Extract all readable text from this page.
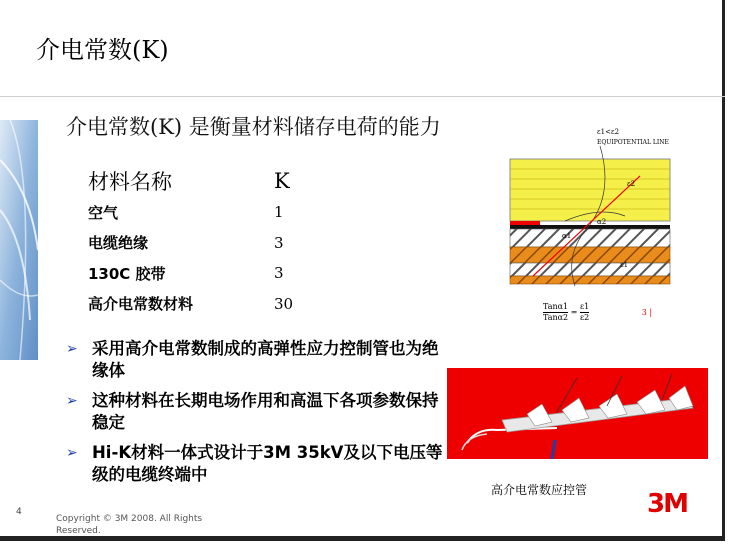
介电常数(K)
介电常数(K) 是衡量材料储存电荷的能力
材料名称	K
空气	1
电缆绝缘	3
130C 胶带	3
高介电常数材料	30
➢ 采用高介电常数制成的高弹性应力控制管也为绝缘体
➢ 这种材料在长期电场作用和高温下各项参数保持稳定
➢ Hi-K材料一体式设计于3M 35kV及以下电压等级的电缆终端中
ε1<ε2
EQUIPOTENTIAL LINE
ε2
α2
α1
ε1
$\frac{\text{Tanα1}}{\text{Tanα2}} = \frac{\varepsilon 1}{\varepsilon 2}$	3 |
高介电常数应控管
4
Copyright © 3M 2008. All Rights Reserved.
3M
